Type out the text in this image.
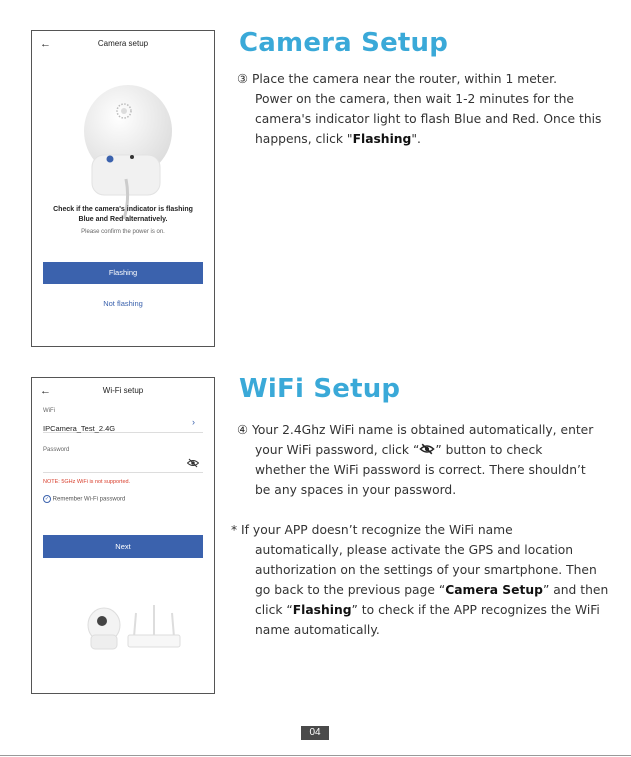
←	Camera setup
Check if the camera's indicator is flashing
Blue and Red alternatively.
Please confirm the power is on.
Flashing
Not flashing
Camera Setup

③ Place the camera near the router, within 1 meter.

Power on the camera, then wait 1-2 minutes for the

camera's indicator light to flash Blue and Red. Once this

happens, click "Flashing".

←	Wi-Fi setup
WiFi
IPCamera_Test_2.4G
›
Password
NOTE: 5GHz WiFi is not supported.
✓ Remember Wi-Fi password
Next
WiFi Setup

④ Your 2.4Ghz WiFi name is obtained automatically, enter

your WiFi password, click “ ” button to check

whether the WiFi password is correct. There shouldn’t

be any spaces in your password.

* If your APP doesn’t recognize the WiFi name

automatically, please activate the GPS and location

authorization on the settings of your smartphone. Then

go back to the previous page “Camera Setup” and then

click “Flashing” to check if the APP recognizes the WiFi

name automatically.

04
